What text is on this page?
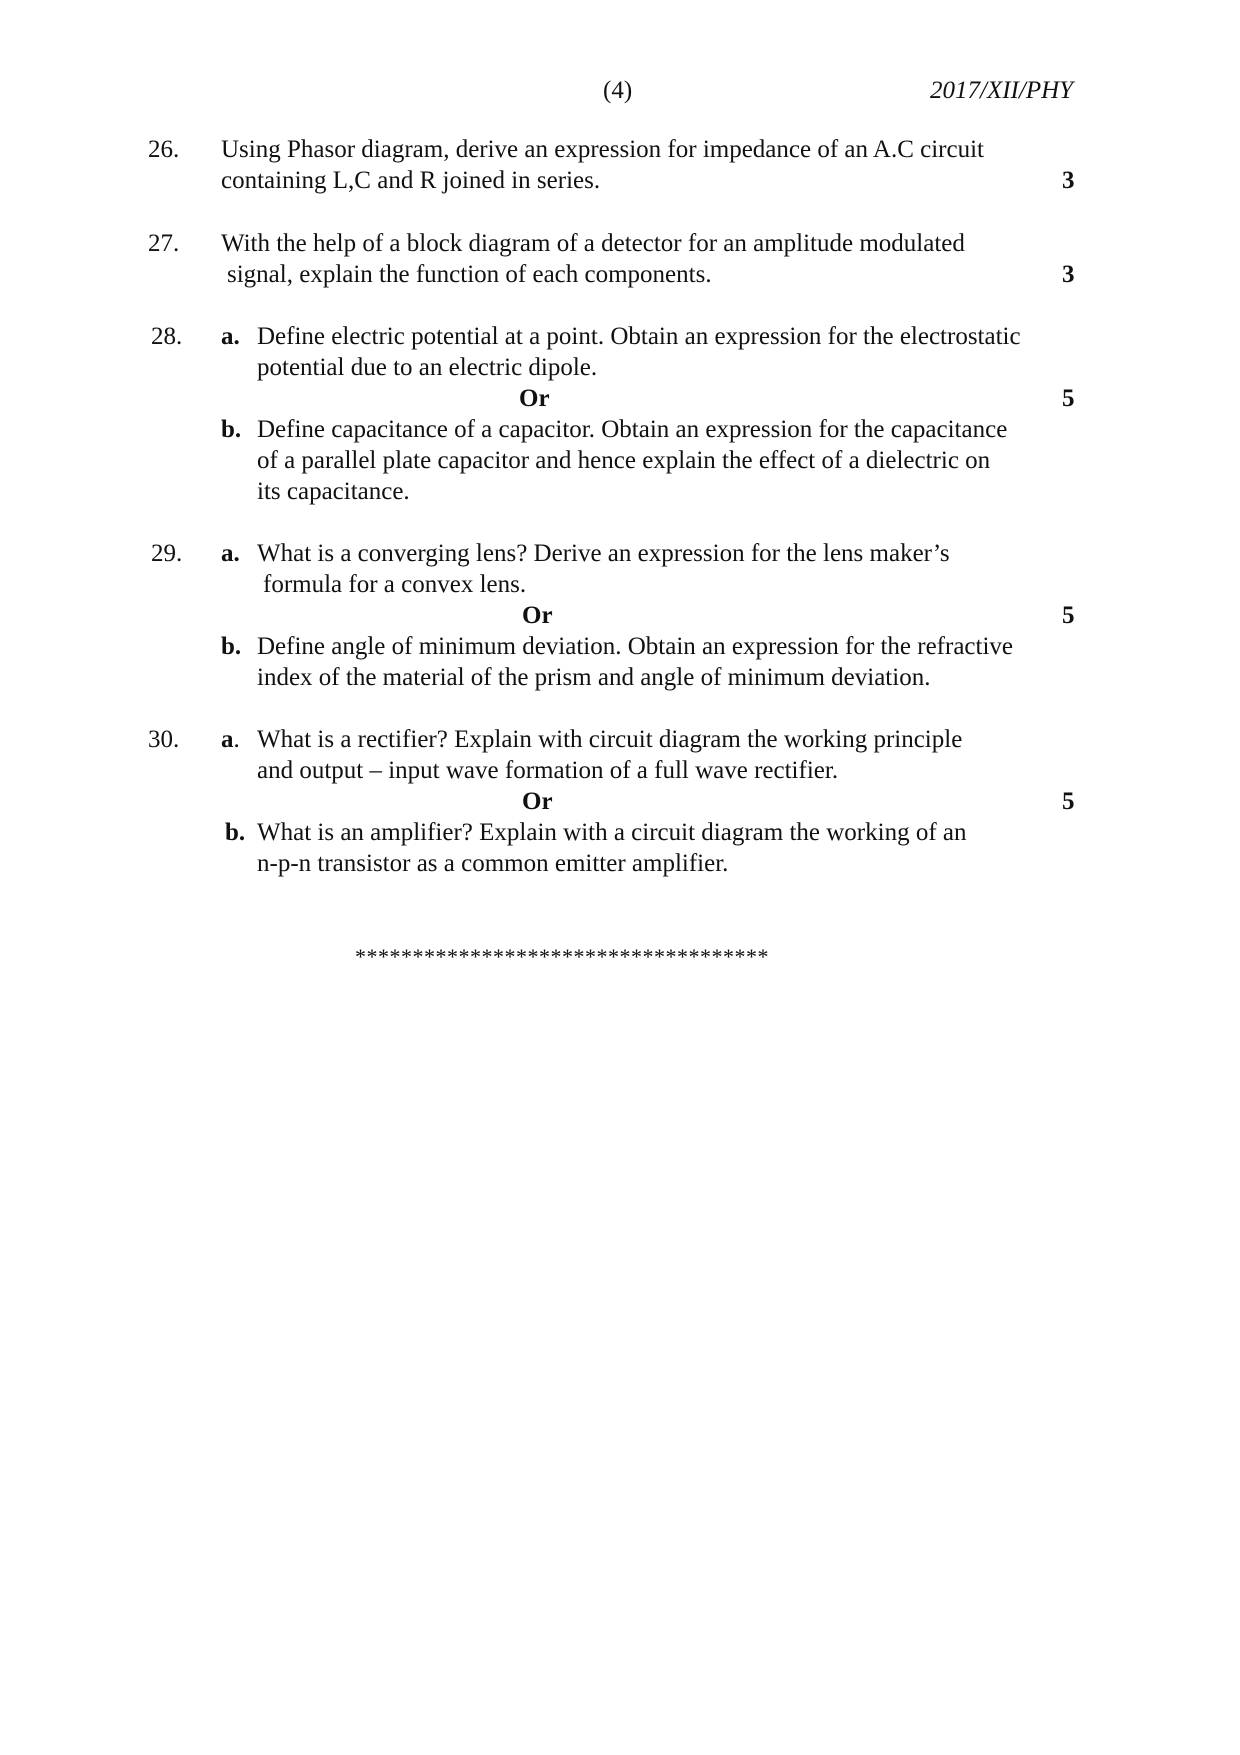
(4)	2017/XII/PHY
26. Using Phasor diagram, derive an expression for impedance of an A.C circuit
containing L,C and R joined in series.	3
27. With the help of a block diagram of a detector for an amplitude modulated
signal, explain the function of each components.	3
28. a. Define electric potential at a point. Obtain an expression for the electrostatic
potential due to an electric dipole.
Or	5
b. Define capacitance of a capacitor. Obtain an expression for the capacitance
of a parallel plate capacitor and hence explain the effect of a dielectric on
its capacitance.
29. a. What is a converging lens? Derive an expression for the lens maker’s
formula for a convex lens.
Or	5
b. Define angle of minimum deviation. Obtain an expression for the refractive
index of the material of the prism and angle of minimum deviation.
30. a. What is a rectifier? Explain with circuit diagram the working principle
and output – input wave formation of a full wave rectifier.
Or	5
b. What is an amplifier? Explain with a circuit diagram the working of an
n-p-n transistor as a common emitter amplifier.
************************************
